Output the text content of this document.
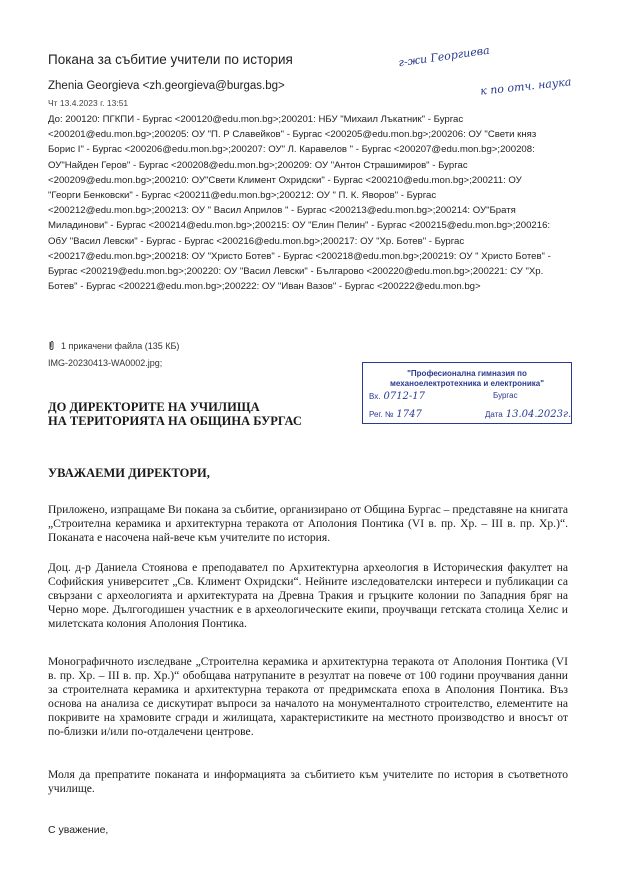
Покана за събитие учители по история	г-жи Георгиева
к по отч. наука
Zhenia Georgieva <zh.georgieva@burgas.bg>
Чт 13.4.2023 г. 13:51
До: 200120: ПГКПИ - Бургас <200120@edu.mon.bg>;200201: НБУ "Михаил Лъкатник" - Бургас <200201@edu.mon.bg>;200205: ОУ "П. Р Славейков" - Бургас <200205@edu.mon.bg>;200206: ОУ "Свети княз Борис I" - Бургас <200206@edu.mon.bg>;200207: ОУ" Л. Каравелов " - Бургас <200207@edu.mon.bg>;200208: ОУ"Найден Геров" - Бургас <200208@edu.mon.bg>;200209: ОУ "Антон Страшимиров" - Бургас <200209@edu.mon.bg>;200210: ОУ"Свети Климент Охридски" - Бургас <200210@edu.mon.bg>;200211: ОУ "Георги Бенковски" - Бургас <200211@edu.mon.bg>;200212: ОУ " П. К. Яворов" - Бургас <200212@edu.mon.bg>;200213: ОУ " Васил Априлов " - Бургас <200213@edu.mon.bg>;200214: ОУ"Братя Миладинови" - Бургас <200214@edu.mon.bg>;200215: ОУ "Елин Пелин" - Бургас <200215@edu.mon.bg>;200216: ОбУ "Васил Левски" - Бургас - Бургас <200216@edu.mon.bg>;200217: ОУ "Хр. Ботев" - Бургас <200217@edu.mon.bg>;200218: ОУ "Христо Ботев" - Бургас <200218@edu.mon.bg>;200219: ОУ " Христо Ботев" - Бургас <200219@edu.mon.bg>;200220: ОУ "Васил Левски" - Българово <200220@edu.mon.bg>;200221: СУ "Хр. Ботев" - Бургас <200221@edu.mon.bg>;200222: ОУ "Иван Вазов" - Бургас <200222@edu.mon.bg>
1 прикачени файла (135 КБ)
IMG-20230413-WA0002.jpg;
"Професионална гимназия по
механоелектротехника и електроника"
Вх. 0712-17	Бургас
Рег. № 1747	Дата 13.04.2023г.
ДО ДИРЕКТОРИТЕ НА УЧИЛИЩА
НА ТЕРИТОРИЯТА НА ОБЩИНА БУРГАС
УВАЖАЕМИ ДИРЕКТОРИ,
Приложено, изпращаме Ви покана за събитие, организирано от Община Бургас – представяне на книгата „Строителна керамика и архитектурна теракота от Аполония Понтика (VI в. пр. Хр. – III в. пр. Хр.)“. Поканата е насочена най-вече към учителите по история.
Доц. д-р Даниела Стоянова е преподавател по Архитектурна археология в Историческия факултет на Софийския университет „Св. Климент Охридски“. Нейните изследователски интереси и публикации са свързани с археологията и архитектурата на Древна Тракия и гръцките колонии по Западния бряг на Черно море. Дългогодишен участник е в археологическите екипи, проучващи гетската столица Хелис и милетската колония Аполония Понтика.
Монографичното изследване „Строителна керамика и архитектурна теракота от Аполония Понтика (VI в. пр. Хр. – III в. пр. Хр.)“ обобщава натрупаните в резултат на повече от 100 години проучвания данни за строителната керамика и архитектурна теракота от предримската епоха в Аполония Понтика. Въз основа на анализа се дискутират въпроси за началото на монументалното строителство, елементите на покривите на храмовите сгради и жилищата, характеристиките на местното производство и вносът от по-близки и/или по-отдалечени центрове.
Моля да препратите поканата и информацията за събитието към учителите по история в съответното училище.
С уважение,
